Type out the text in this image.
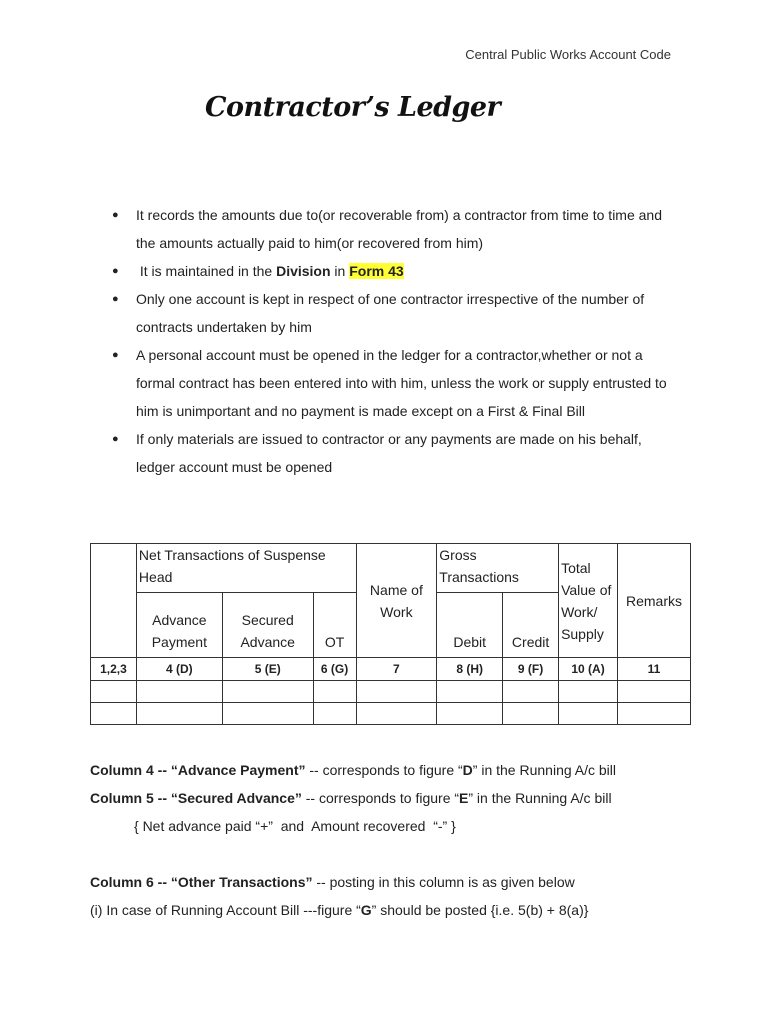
Central Public Works Account Code
Contractor’s Ledger
● It records the amounts due to(or recoverable from) a contractor from time to time and the amounts actually paid to him(or recovered from him)
●  It is maintained in the Division in Form 43
● Only one account is kept in respect of one contractor irrespective of the number of contracts undertaken by him
● A personal account must be opened in the ledger for a contractor,whether or not a formal contract has been entered into with him, unless the work or supply entrusted to him is unimportant and no payment is made except on a First & Final Bill
● If only materials are issued to contractor or any payments are made on his behalf, ledger account must be opened
	Net Transactions of Suspense Head			Name of Work	Gross Transactions		Total Value of Work/ Supply	Remarks
	Advance Payment	Secured Advance	OT		Debit	Credit		
1,2,3	4 (D)	5 (E)	6 (G)	7	8 (H)	9 (F)	10 (A)	11

Column 4 -- “Advance Payment” -- corresponds to figure “D” in the Running A/c bill

Column 5 -- “Secured Advance” -- corresponds to figure “E” in the Running A/c bill

{ Net advance paid “+”  and  Amount recovered  “-” }

Column 6 -- “Other Transactions” -- posting in this column is as given below

(i) In case of Running Account Bill ---figure “G” should be posted {i.e. 5(b) + 8(a)}
